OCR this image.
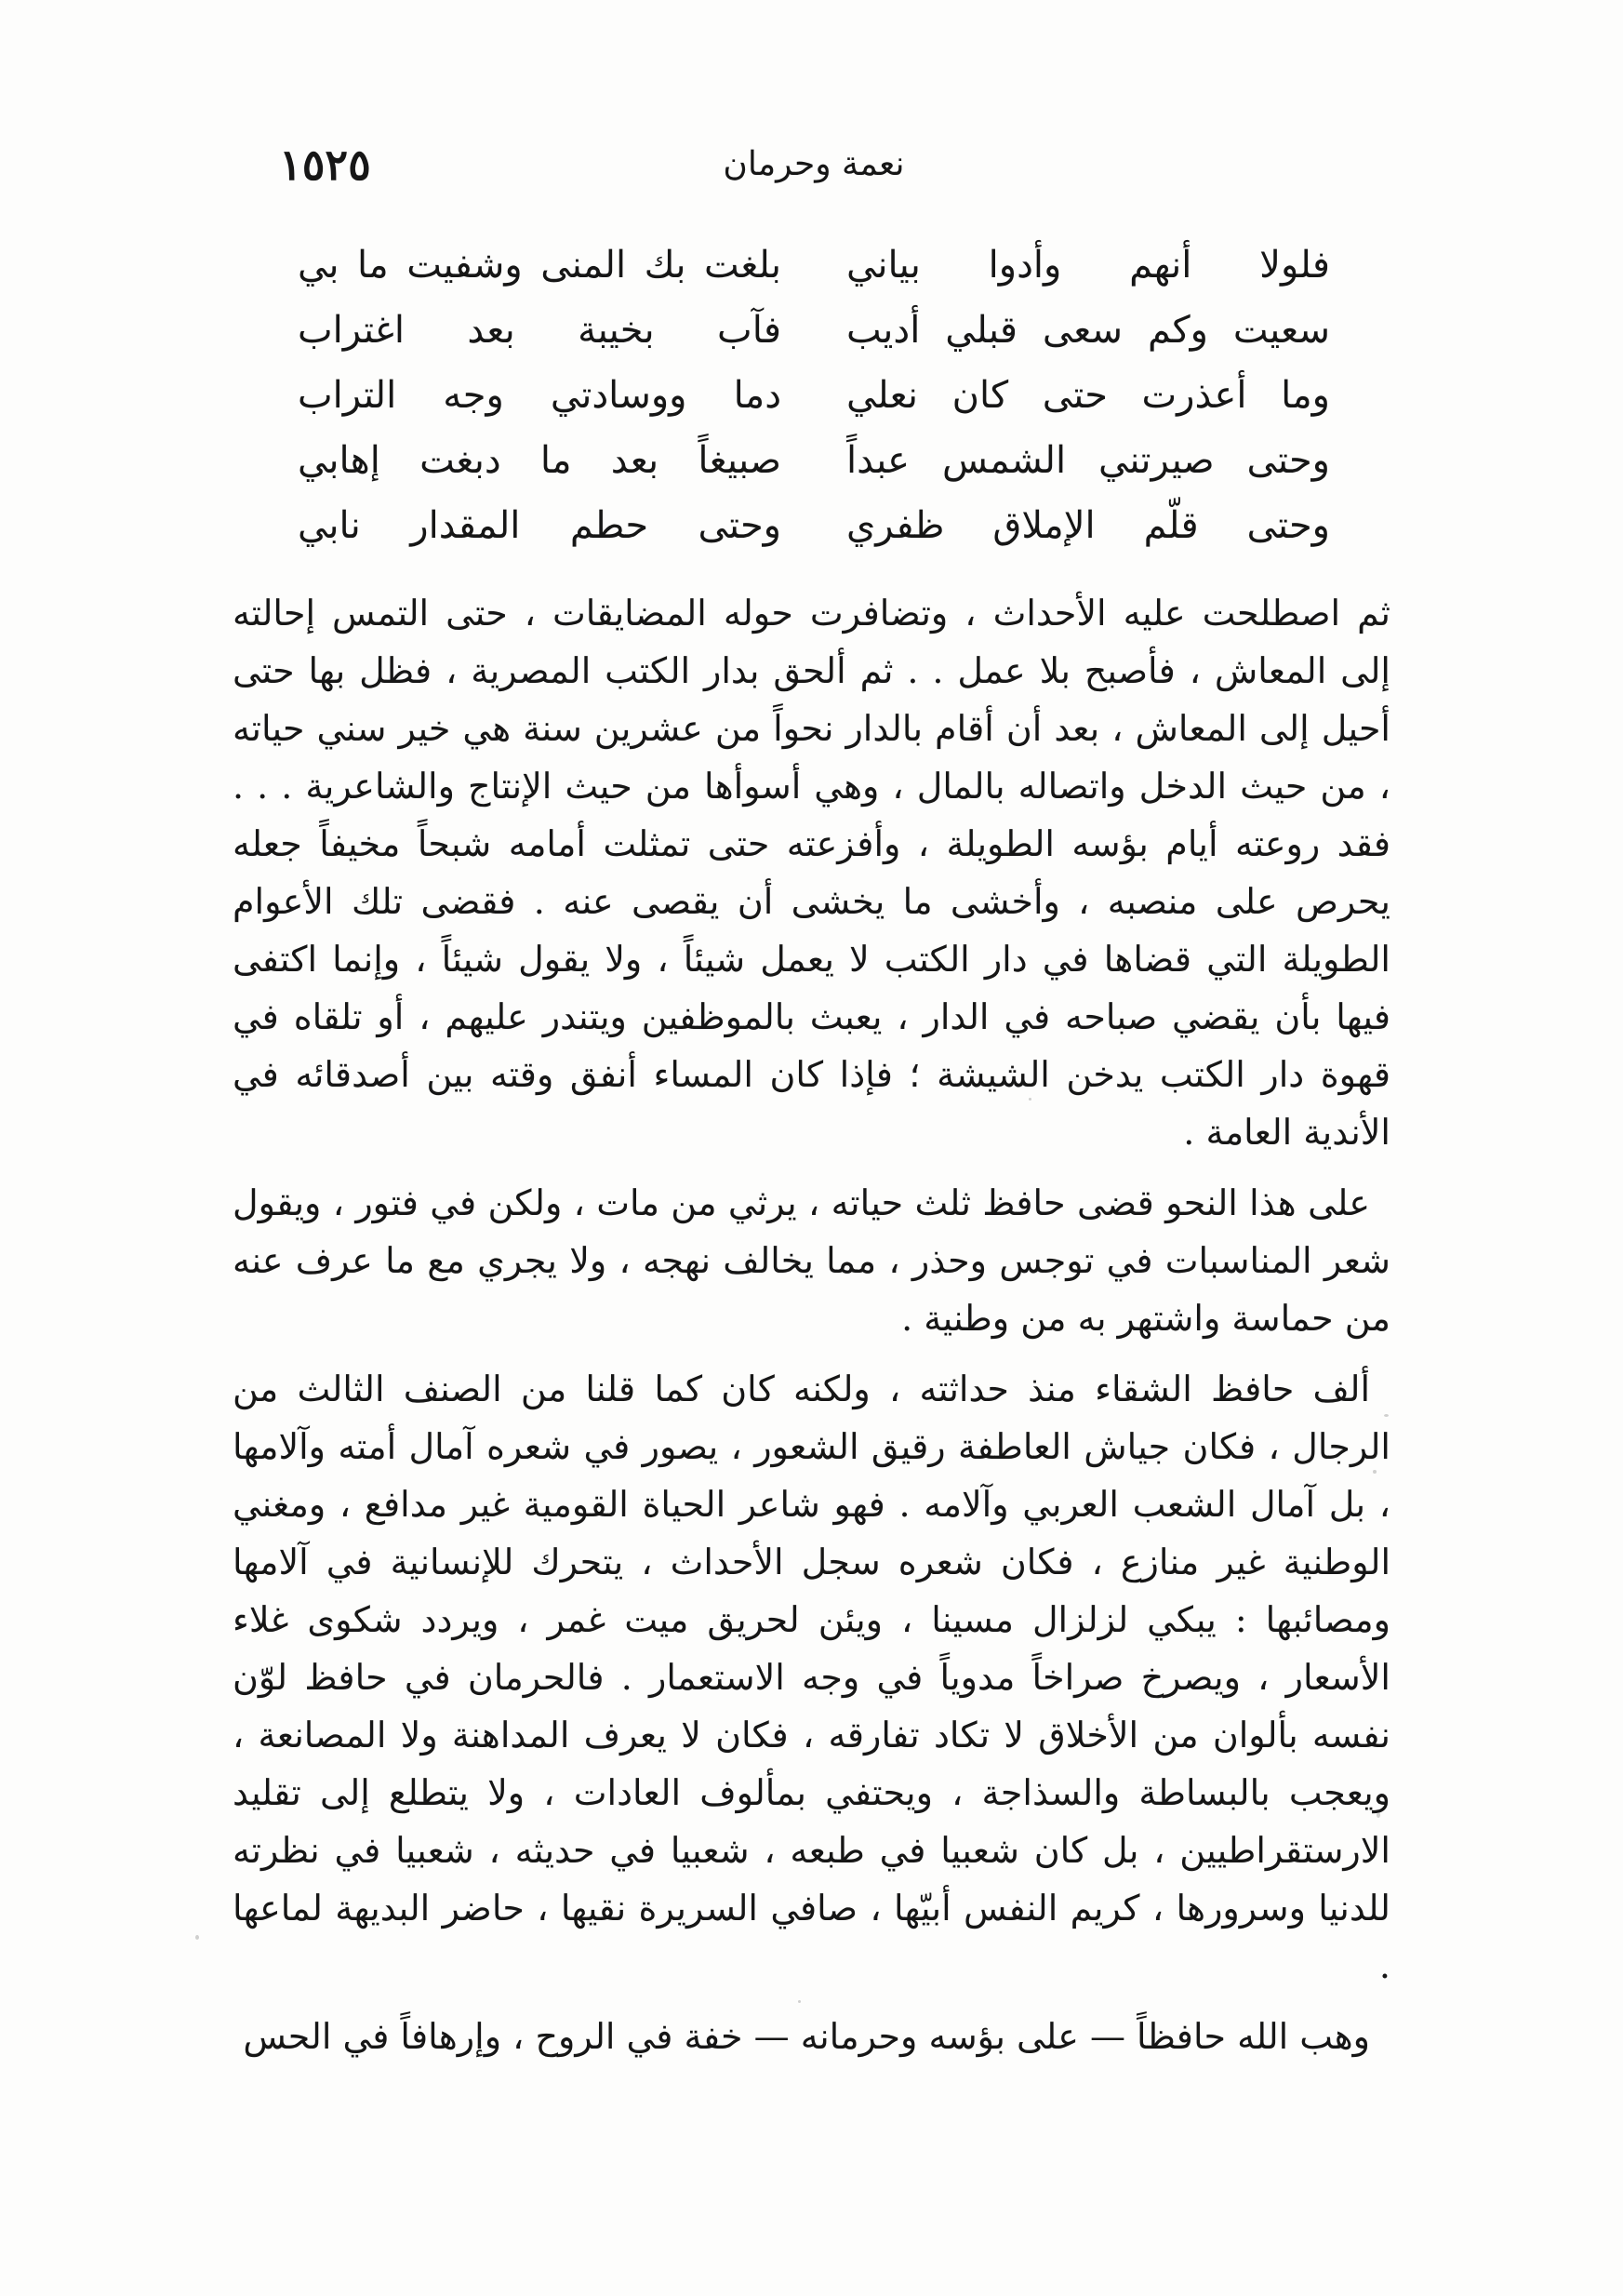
١٥٢٥	نعمة وحرمان
فلولا أنهم وأدوا بياني
بلغت بك المنى وشفيت ما بي
سعيت وكم سعى قبلي أديب
فآب بخيبة بعد اغتراب
وما أعذرت حتى كان نعلي
دما ووسادتي وجه التراب
وحتى صيرتني الشمس عبداً
صبيغاً بعد ما دبغت إهابي
وحتى قلّم الإملاق ظفري
وحتى حطم المقدار نابي

ثم اصطلحت عليه الأحداث ، وتضافرت حوله المضايقات ، حتى التمس إحالته إلى المعاش ، فأصبح بلا عمل . . ثم ألحق بدار الكتب المصرية ، فظل بها حتى أحيل إلى المعاش ، بعد أن أقام بالدار نحواً من عشرين سنة هي خير سني حياته ، من حيث الدخل واتصاله بالمال ، وهي أسوأها من حيث الإنتاج والشاعرية . . . فقد روعته أيام بؤسه الطويلة ، وأفزعته حتى تمثلت أمامه شبحاً مخيفاً جعله يحرص على منصبه ، وأخشى ما يخشى أن يقصى عنه . فقضى تلك الأعوام الطويلة التي قضاها في دار الكتب لا يعمل شيئاً ، ولا يقول شيئاً ، وإنما اكتفى فيها بأن يقضي صباحه في الدار ، يعبث بالموظفين ويتندر عليهم ، أو تلقاه في قهوة دار الكتب يدخن الشيشة ؛ فإذا كان المساء أنفق وقته بين أصدقائه في الأندية العامة .

على هذا النحو قضى حافظ ثلث حياته ، يرثي من مات ، ولكن في فتور ، ويقول شعر المناسبات في توجس وحذر ، مما يخالف نهجه ، ولا يجري مع ما عرف عنه من حماسة واشتهر به من وطنية .

ألف حافظ الشقاء منذ حداثته ، ولكنه كان كما قلنا من الصنف الثالث من الرجال ، فكان جياش العاطفة رقيق الشعور ، يصور في شعره آمال أمته وآلامها ، بل آمال الشعب العربي وآلامه . فهو شاعر الحياة القومية غير مدافع ، ومغني الوطنية غير منازع ، فكان شعره سجل الأحداث ، يتحرك للإنسانية في آلامها ومصائبها : يبكي لزلزال مسينا ، ويئن لحريق ميت غمر ، ويردد شكوى غلاء الأسعار ، ويصرخ صراخاً مدوياً في وجه الاستعمار . فالحرمان في حافظ لوّن نفسه بألوان من الأخلاق لا تكاد تفارقه ، فكان لا يعرف المداهنة ولا المصانعة ، ويعجب بالبساطة والسذاجة ، ويحتفي بمألوف العادات ، ولا يتطلع إلى تقليد الارستقراطيين ، بل كان شعبيا في طبعه ، شعبيا في حديثه ، شعبيا في نظرته للدنيا وسرورها ، كريم النفس أبيّها ، صافي السريرة نقيها ، حاضر البديهة لماعها .

وهب الله حافظاً — على بؤسه وحرمانه — خفة في الروح ، وإرهافاً في الحس
